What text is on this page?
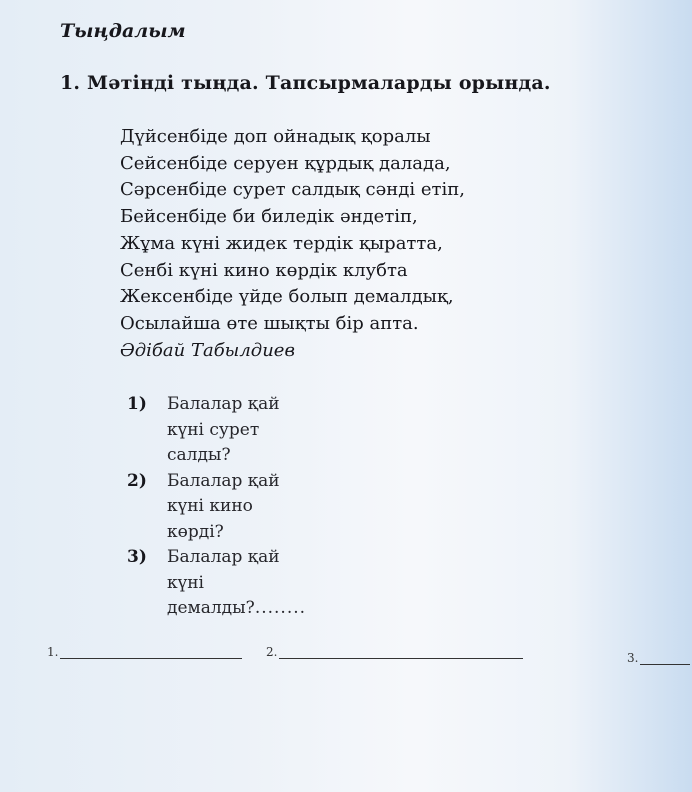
Тыңдалым
1. Мәтінді тыңда. Тапсырмаларды орында.
Дүйсенбіде доп ойнадық қоралы
Сейсенбіде серуен құрдық далада,
Сәрсенбіде сурет салдық сәнді етіп,
Бейсенбіде би биледік әндетіп,
Жұма күні жидек тердік қыратта,
Сенбі күні кино көрдік клубта
Жексенбіде үйде болып демалдық,
Осылайша өте шықты бір апта.
Әдібай Табылдиев
1)	Балалар қай
күні сурет
салды?
2)	Балалар қай
күні кино
көрді?
3)	Балалар қай
күні
демалды?........
1.	2.	3.
